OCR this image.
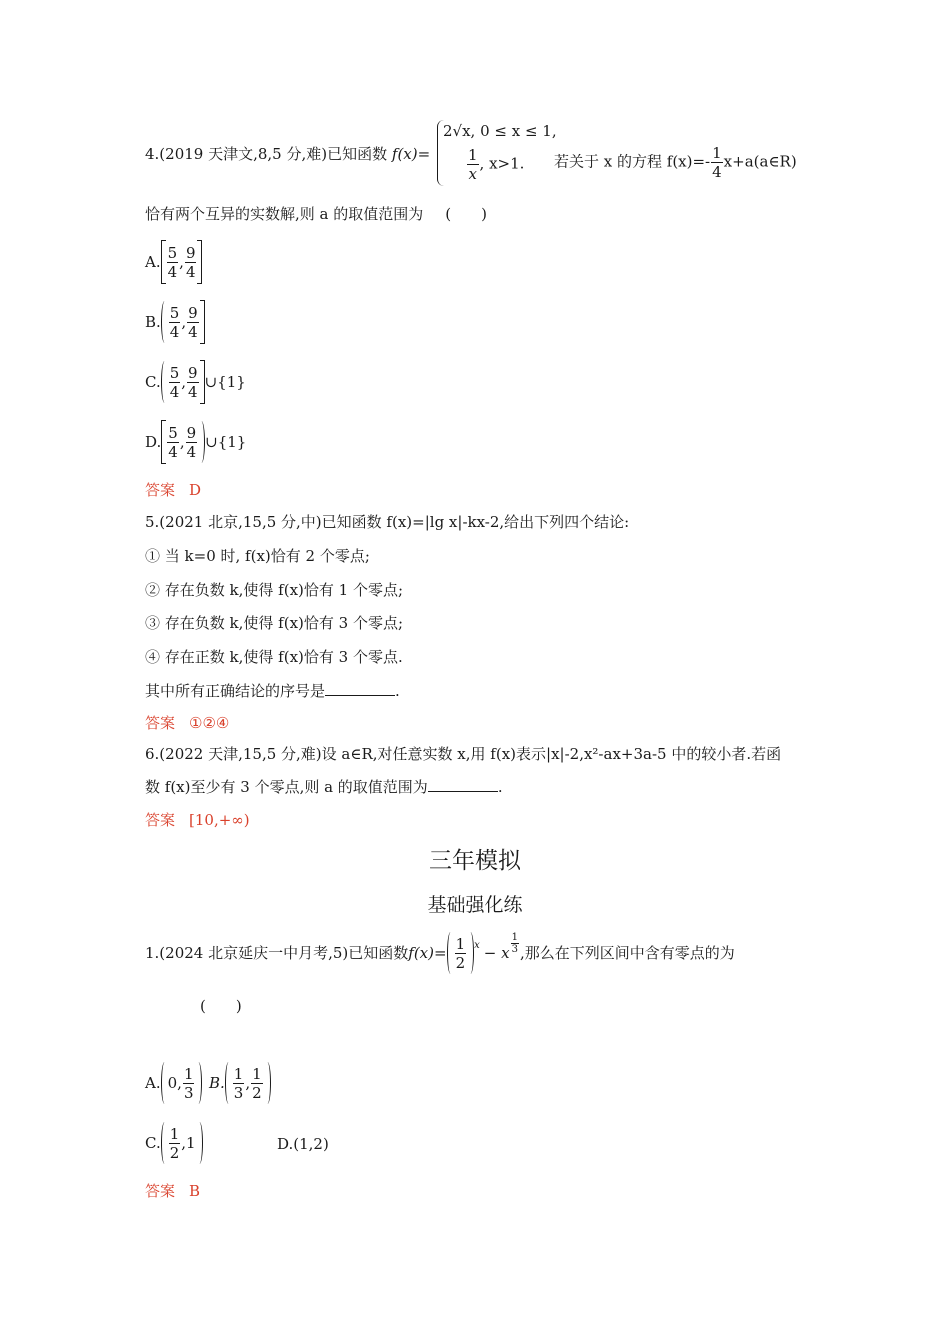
4.(2019 天津文,8,5 分,难)已知函数 f(x)=
2√x, 0 ≤ x ≤ 1,
$\frac{1}{x}$ , x>1. 若关于 x 的方程 $f(x)=- \frac{1}{4}$ x+a(a∈R)
恰有两个互异的实数解,则 a 的取值范围为 (　　)
A. $\frac{5}{4}$ , $\frac{9}{4}$
B. $\frac{5}{4}$ , $\frac{9}{4}$
C. $\frac{5}{4}$ , $\frac{9}{4}$ ∪{1}
D. $\frac{5}{4}$ , $\frac{9}{4}$ ∪{1}
答案 D
5.(2021 北京,15,5 分,中)已知函数 f(x)=|lg x|-kx-2,给出下列四个结论:
① 当 k=0 时, f(x)恰有 2 个零点;
② 存在负数 k,使得 f(x)恰有 1 个零点;
③ 存在负数 k,使得 f(x)恰有 3 个零点;
④ 存在正数 k,使得 f(x)恰有 3 个零点.
其中所有正确结论的序号是	.
答案 ①②④
6.(2022 天津,15,5 分,难)设 a∈R,对任意实数 x,用 f(x)表示|x|-2,x²-ax+3a-5 中的较小者.若函
数 f(x)至少有 3 个零点,则 a 的取值范围为	.
答案 [10,+∞)
三年模拟
基础强化练
1.(2024 北京延庆一中月考,5)已知函数 $f(x)= \frac{1}{2} ^x - x \frac{1}{3}$ ,那么在下列区间中含有零点的为
(　　)
A. 0 , $\frac{1}{3} B$. $\frac{1}{3}$ , $\frac{1}{2}$
C. $\frac{1}{2}$ , 1	D.(1,2)
答案 B
